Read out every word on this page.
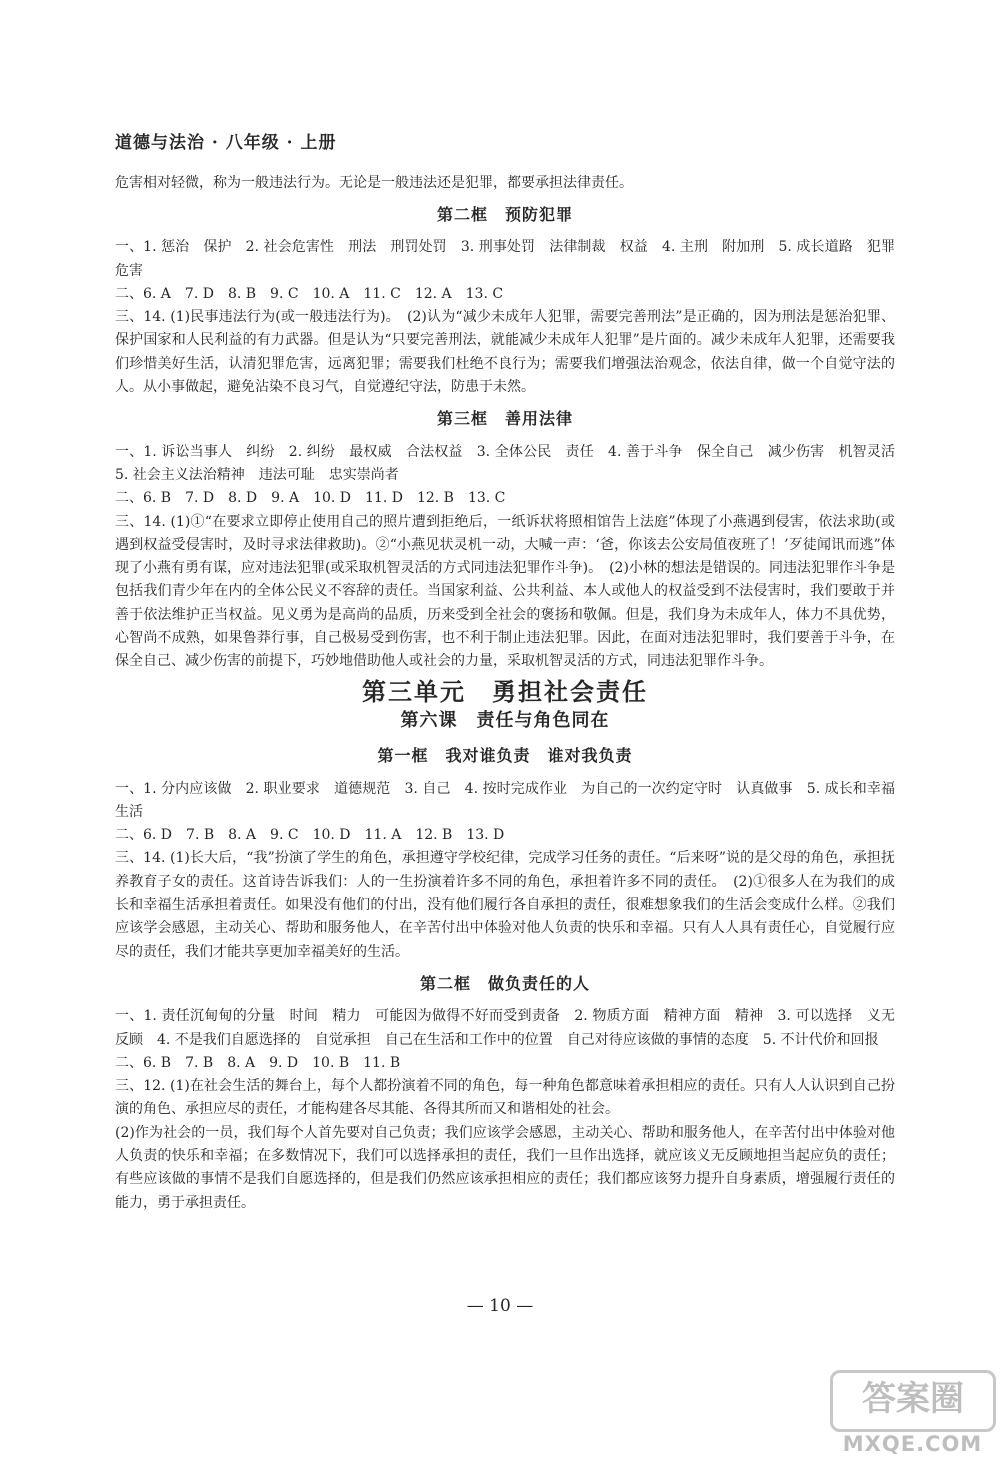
道德与法治 · 八年级 · 上册
危害相对轻微，称为一般违法行为。无论是一般违法还是犯罪，都要承担法律责任。

第二框　预防犯罪

一、1. 惩治　保护　2. 社会危害性　刑法　刑罚处罚　3. 刑事处罚　法律制裁　权益　4. 主刑　附加刑　5. 成长道路　犯罪危害

二、6. A　7. D　8. B　9. C　10. A　11. C　12. A　13. C

三、14. (1)民事违法行为(或一般违法行为)。　(2)认为“减少未成年人犯罪，需要完善刑法”是正确的，因为刑法是惩治犯罪、保护国家和人民利益的有力武器。但是认为“只要完善刑法，就能减少未成年人犯罪”是片面的。减少未成年人犯罪，还需要我们珍惜美好生活，认清犯罪危害，远离犯罪；需要我们杜绝不良行为；需要我们增强法治观念，依法自律，做一个自觉守法的人。从小事做起，避免沾染不良习气，自觉遵纪守法，防患于未然。

第三框　善用法律

一、1. 诉讼当事人　纠纷　2. 纠纷　最权威　合法权益　3. 全体公民　责任　4. 善于斗争　保全自己　减少伤害　机智灵活　5. 社会主义法治精神　违法可耻　忠实崇尚者

二、6. B　7. D　8. D　9. A　10. D　11. D　12. B　13. C

三、14. (1)①“在要求立即停止使用自己的照片遭到拒绝后，一纸诉状将照相馆告上法庭”体现了小燕遇到侵害，依法求助(或遇到权益受侵害时，及时寻求法律救助)。②“小燕见状灵机一动，大喊一声：‘爸，你该去公安局值夜班了！’歹徒闻讯而逃”体现了小燕有勇有谋，应对违法犯罪(或采取机智灵活的方式同违法犯罪作斗争)。　(2)小林的想法是错误的。同违法犯罪作斗争是包括我们青少年在内的全体公民义不容辞的责任。当国家利益、公共利益、本人或他人的权益受到不法侵害时，我们要敢于并善于依法维护正当权益。见义勇为是高尚的品质，历来受到全社会的褒扬和敬佩。但是，我们身为未成年人，体力不具优势，心智尚不成熟，如果鲁莽行事，自己极易受到伤害，也不利于制止违法犯罪。因此，在面对违法犯罪时，我们要善于斗争，在保全自己、减少伤害的前提下，巧妙地借助他人或社会的力量，采取机智灵活的方式，同违法犯罪作斗争。

第三单元　勇担社会责任

第六课　责任与角色同在

第一框　我对谁负责　谁对我负责

一、1. 分内应该做　2. 职业要求　道德规范　3. 自己　4. 按时完成作业　为自己的一次约定守时　认真做事　5. 成长和幸福生活

二、6. D　7. B　8. A　9. C　10. D　11. A　12. B　13. D

三、14. (1)长大后，“我”扮演了学生的角色，承担遵守学校纪律，完成学习任务的责任。“后来呀”说的是父母的角色，承担抚养教育子女的责任。这首诗告诉我们：人的一生扮演着许多不同的角色，承担着许多不同的责任。　(2)①很多人在为我们的成长和幸福生活承担着责任。如果没有他们的付出，没有他们履行各自承担的责任，很难想象我们的生活会变成什么样。②我们应该学会感恩，主动关心、帮助和服务他人，在辛苦付出中体验对他人负责的快乐和幸福。只有人人具有责任心，自觉履行应尽的责任，我们才能共享更加幸福美好的生活。

第二框　做负责任的人

一、1. 责任沉甸甸的分量　时间　精力　可能因为做得不好而受到责备　2. 物质方面　精神方面　精神　3. 可以选择　义无反顾　4. 不是我们自愿选择的　自觉承担　自己在生活和工作中的位置　自己对待应该做的事情的态度　5. 不计代价和回报

二、6. B　7. B　8. A　9. D　10. B　11. B

三、12. (1)在社会生活的舞台上，每个人都扮演着不同的角色，每一种角色都意味着承担相应的责任。只有人人认识到自己扮演的角色、承担应尽的责任，才能构建各尽其能、各得其所而又和谐相处的社会。

(2)作为社会的一员，我们每个人首先要对自己负责；我们应该学会感恩，主动关心、帮助和服务他人，在辛苦付出中体验对他人负责的快乐和幸福；在多数情况下，我们可以选择承担的责任，我们一旦作出选择，就应该义无反顾地担当起应负的责任；有些应该做的事情不是我们自愿选择的，但是我们仍然应该承担相应的责任；我们都应该努力提升自身素质，增强履行责任的能力，勇于承担责任。

— 10 —
答案圈
MXQE.COM
